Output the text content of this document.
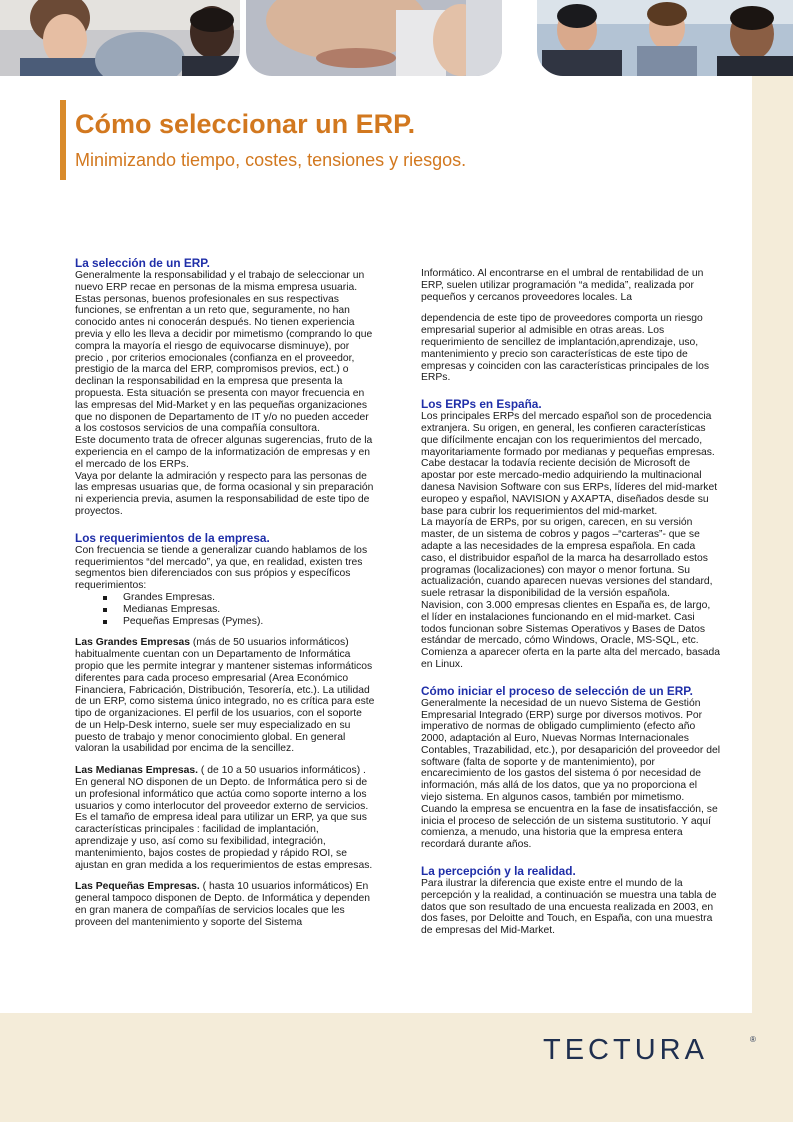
Cómo seleccionar un ERP.

Minimizando tiempo, costes, tensiones y riesgos.

La selección de un ERP.

Generalmente la responsabilidad y el trabajo de seleccionar un nuevo ERP recae en personas de la misma empresa usuaria. Estas personas, buenos profesionales en sus respectivas funciones, se enfrentan a un reto que, seguramente, no han conocido antes ni conocerán después. No tienen experiencia previa y ello les lleva a decidir por mimetismo (comprando lo que compra la mayoría el riesgo de equivocarse disminuye), por precio , por criterios emocionales (confianza en el proveedor, prestigio de la marca del ERP, compromisos previos, ect.) o declinan la responsabilidad en la empresa que presenta la propuesta. Esta situación se presenta con mayor frecuencia en las empresas del Mid-Market y en las pequeñas organizaciones que no disponen de Departamento de IT y/o no pueden acceder a los costosos servicios de una compañía consultora.

Este documento trata de ofrecer algunas sugerencias, fruto de la experiencia en el campo de la informatización de empresas y en el mercado de los ERPs.

Vaya por delante la admiración y respecto para las personas de las empresas usuarias que, de forma ocasional y sin preparación ni experiencia previa, asumen la responsabilidad de este tipo de proyectos.

Los requerimientos de la empresa.

Con frecuencia se tiende a generalizar cuando hablamos de los requerimientos “del mercado”, ya que, en realidad, existen tres segmentos bien diferenciados con sus própios y específicos requerimientos:

Grandes Empresas.
Medianas Empresas.
Pequeñas Empresas (Pymes).

Las Grandes Empresas (más de 50 usuarios informáticos) habitualmente cuentan con un Departamento de Informática propio que les permite integrar y mantener sistemas informáticos diferentes para cada proceso empresarial (Area Económico Financiera, Fabricación, Distribución, Tesorería, etc.). La utilidad de un ERP, como sistema único integrado, no es crítica para este tipo de organizaciones. El perfil de los usuarios, con el soporte de un Help-Desk interno, suele ser muy especializado en su puesto de trabajo y menor conocimiento global. En general valoran la usabilidad por encima de la sencillez.

Las Medianas Empresas. ( de 10 a 50 usuarios informáticos) . En general NO disponen de un Depto. de Informática pero si de un profesional informático que actúa como soporte interno a los usuarios y como interlocutor del proveedor externo de servicios. Es el tamaño de empresa ideal para utilizar un ERP, ya que sus características principales : facilidad de implantación, aprendizaje y uso, así como su fexibilidad, integración, mantenimiento, bajos costes de propiedad y rápido ROI, se ajustan en gran medida a los requerimientos de estas empresas.

Las Pequeñas Empresas. ( hasta 10 usuarios informáticos) En general tampoco disponen de Depto. de Informática y dependen en gran manera de compañías de servicios locales que les proveen del mantenimiento y soporte del Sistema

Informático. Al encontrarse en el umbral de rentabilidad de un ERP, suelen utilizar programación “a medida”, realizada por pequeños y cercanos proveedores locales. La

dependencia de este tipo de proveedores comporta un riesgo empresarial superior al admisible en otras areas. Los requerimiento de sencillez de implantación,aprendizaje, uso, mantenimiento y precio son características de este tipo de empresas y coinciden con las características principales de los ERPs.

Los ERPs en España.

Los principales ERPs del mercado español son de procedencia extranjera. Su origen, en general, les confieren características que difícilmente encajan con los requerimientos del mercado, mayoritariamente formado por medianas y pequeñas empresas. Cabe destacar la todavía reciente decisión de Microsoft de apostar por este mercado-medio adquiriendo la multinacional danesa Navision Software con sus ERPs, líderes del mid-market europeo y español, NAVISION y AXAPTA, diseñados desde su base para cubrir los requerimientos del mid-market.

La mayoría de ERPs, por su origen, carecen, en su versión master, de un sistema de cobros y pagos –“carteras”- que se adapte a las necesidades de la empresa española. En cada caso, el distribuidor español de la marca ha desarrollado estos programas (localizaciones) con mayor o menor fortuna. Su actualización, cuando aparecen nuevas versiones del standard, suele retrasar la disponibilidad de la versión española.

Navision, con 3.000 empresas clientes en España es, de largo, el líder en instalaciones funcionando en el mid-market. Casi todos funcionan sobre Sistemas Operativos y Bases de Datos estándar de mercado, cómo Windows, Oracle, MS-SQL, etc. Comienza a aparecer oferta en la parte alta del mercado, basada en Linux.

Cómo iniciar el proceso de selección de un ERP.

Generalmente la necesidad de un nuevo Sistema de Gestión Empresarial Integrado (ERP) surge por diversos motivos. Por imperativo de normas de obligado cumplimiento (efecto año 2000, adaptación al Euro, Nuevas Normas Internacionales Contables, Trazabilidad, etc.), por desaparición del proveedor del software (falta de soporte y de mantenimiento), por encarecimiento de los gastos del sistema ó por necesidad de información, más allá de los datos, que ya no proporciona el viejo sistema. En algunos casos, también por mimetismo. Cuando la empresa se encuentra en la fase de insatisfacción, se inicia el proceso de selección de un sistema sustitutorio. Y aquí comienza, a menudo, una historia que la empresa entera recordará durante años.

La percepción y la realidad.

Para ilustrar la diferencia que existe entre el mundo de la percepción y la realidad, a continuación se muestra una tabla de datos que son resultado de una encuesta realizada en 2003, en dos fases, por Deloitte and Touch, en España, con una muestra de empresas del Mid-Market.

TECTURA	®
